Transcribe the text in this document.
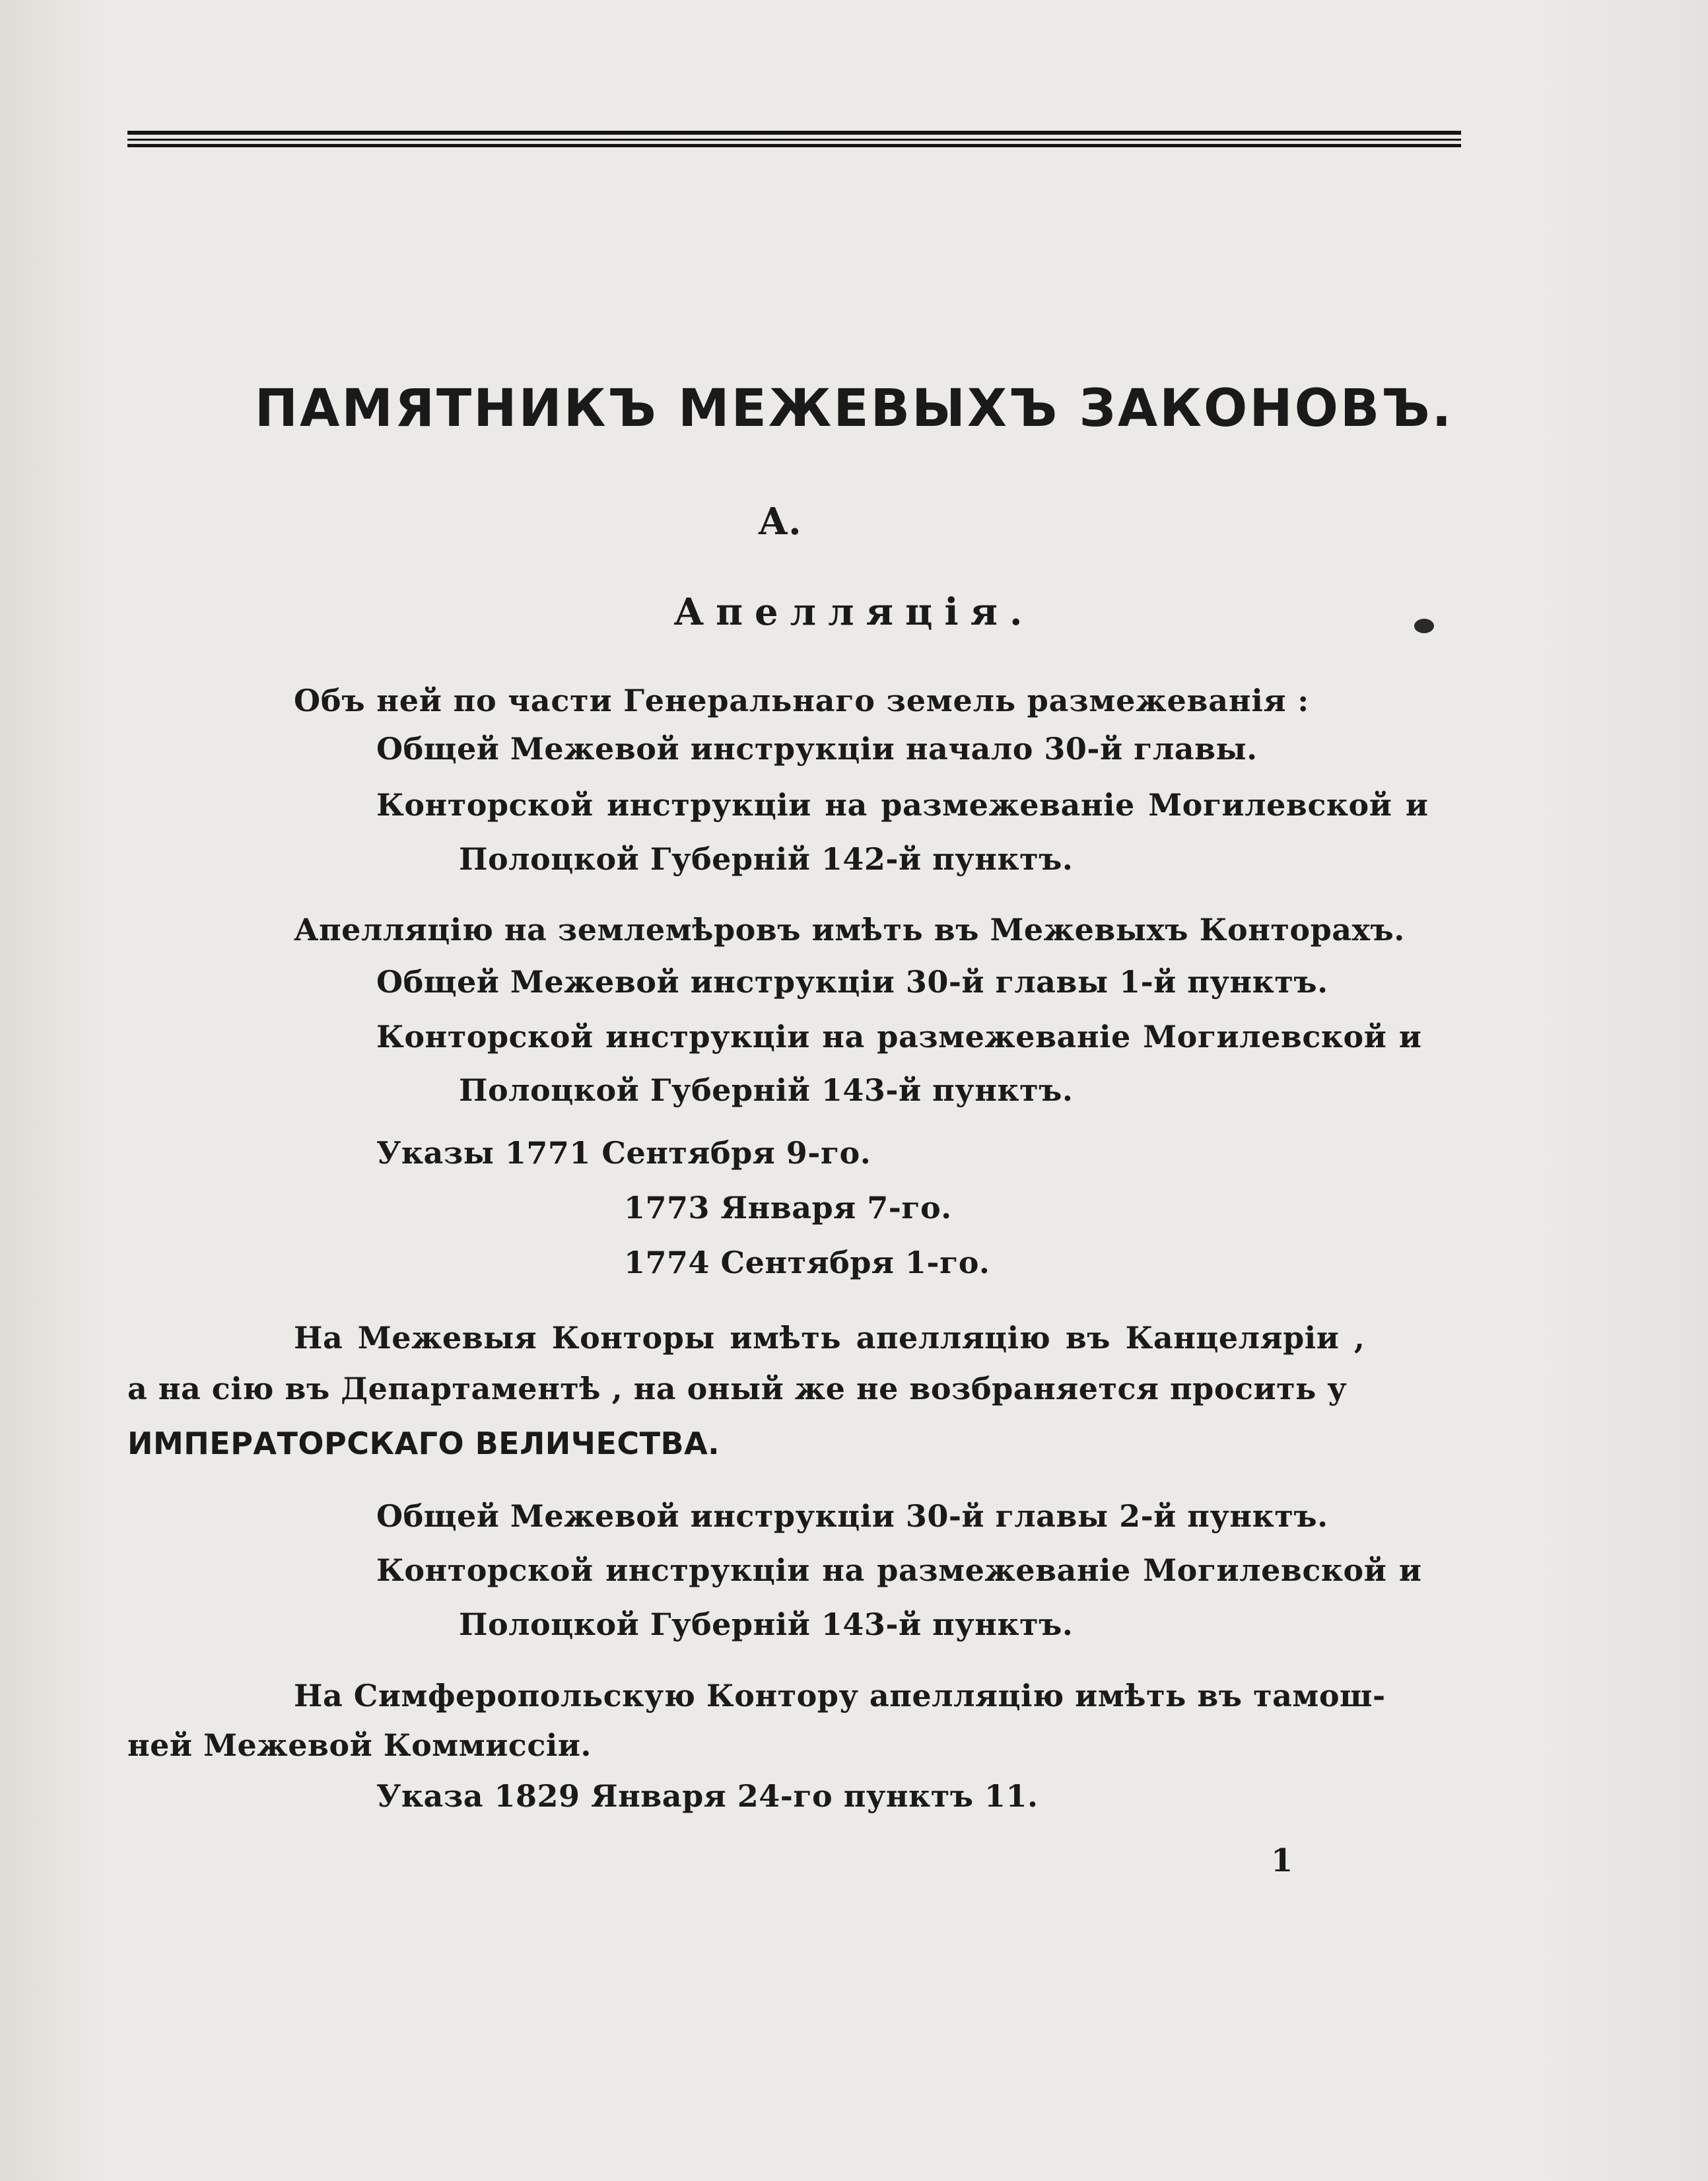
ПАМЯТНИКЪ МЕЖЕВЫХЪ ЗАКОНОВЪ.
А.
Апелляція.

Объ ней по части Генеральнаго земель размежеванія :

Общей Межевой инструкціи начало 30-й главы.

Конторской инструкціи на размежеваніе Могилевской и

Полоцкой Губерній 142-й пунктъ.

Апелляцію на землемѣровъ имѣть въ Межевыхъ Конторахъ.

Общей Межевой инструкціи 30-й главы 1-й пунктъ.

Конторской инструкціи на размежеваніе Могилевской и

Полоцкой Губерній 143-й пунктъ.

Указы 1771 Сентября 9-го.

1773 Января 7-го.

1774 Сентября 1-го.

На Межевыя Конторы имѣть апелляцію въ Канцеляріи ,

а на сію въ Департаментѣ , на оный же не возбраняется просить у

ИМПЕРАТОРСКАГО ВЕЛИЧЕСТВА.

Общей Межевой инструкціи 30-й главы 2-й пунктъ.

Конторской инструкціи на размежеваніе Могилевской и

Полоцкой Губерній 143-й пунктъ.

На Симферопольскую Контору апелляцію имѣть въ тамош-

ней Межевой Коммиссіи.

Указа 1829 Января 24-го пунктъ 11.

1
